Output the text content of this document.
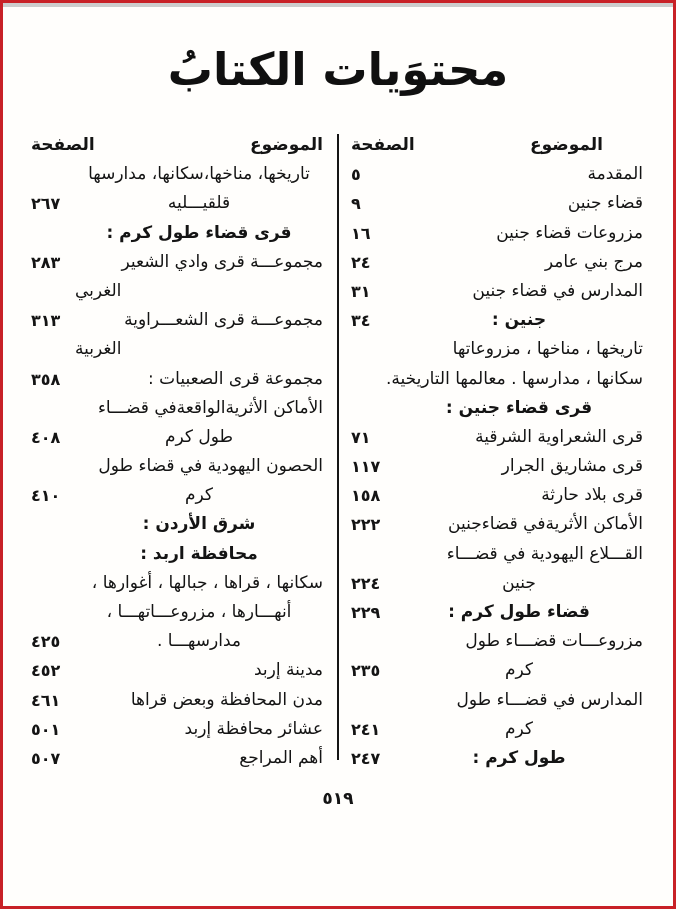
محتوَيات الكتابُ
الموضوع
الصفحة
المقدمة
٥
قضاء جنين
٩
مزروعات قضاء جنين
١٦
مرج بني عامر
٢٤
المدارس في قضاء جنين
٣١
جنين :
٣٤
تاريخها ، مناخها ، مزروعاتها
سكانها ، مدارسها . معالمها التاريخية.
قرى قضاء جنين :
قرى الشعراوية الشرقية
٧١
قرى مشاريق الجرار
١١٧
قرى بلاد حارثة
١٥٨
الأماكن الأثريةفي قضاءجنين
٢٢٢
القـــلاع اليهودية في قضـــاء
جنين
٢٢٤
قضاء طول كرم :
٢٢٩
مزروعـــات قضـــاء طول
كرم
٢٣٥
المدارس في قضـــاء طول
كرم
٢٤١
طول كرم :
٢٤٧
الموضوع
الصفحة
تاريخها، مناخها،سكانها، مدارسها
قلقيـــليه
٢٦٧
قرى قضاء طول كرم :
مجموعـــة قرى وادي الشعير
٢٨٣
الغربي
مجموعـــة قرى الشعـــراوية
٣١٣
الغربية
مجموعة قرى الصعبيات :
٣٥٨
الأماكن الأثريةالواقعةفي قضـــاء
طول كرم
٤٠٨
الحصون اليهودية في قضاء طول
كرم
٤١٠
شرق الأردن :
محافظة اربد :
سكانها ، قراها ، جبالها ، أغوارها ،
أنهـــارها ، مزروعـــاتهـــا ،
مدارسهـــا .
٤٢٥
مدينة إربد
٤٥٢
مدن المحافظة وبعض قراها
٤٦١
عشائر محافظة إربد
٥٠١
أهم المراجع
٥٠٧
٥١٩
